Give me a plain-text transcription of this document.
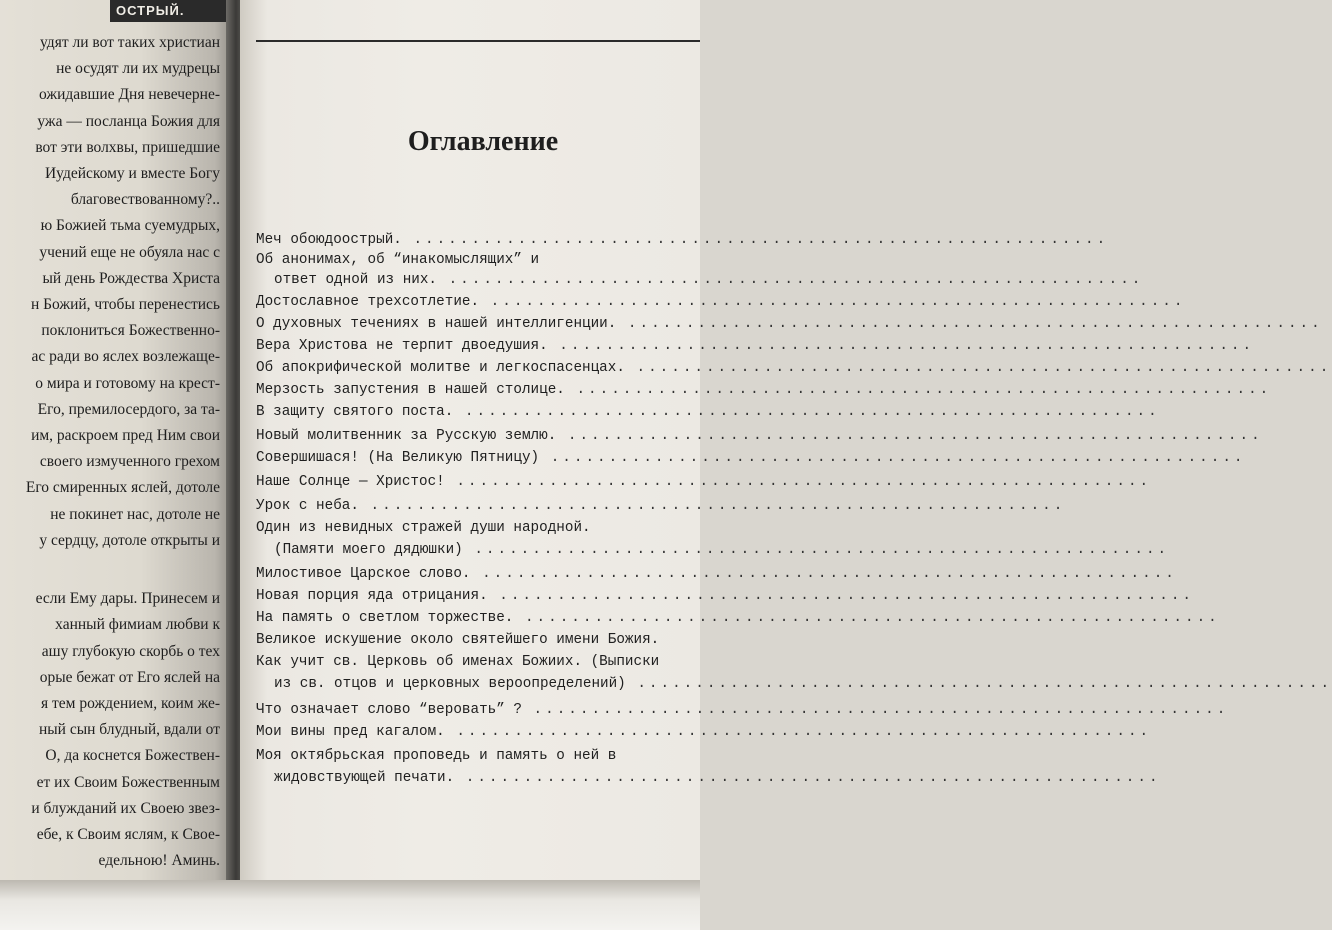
ОСТРЫЙ.
удят ли вот таких христиан
не осудят ли их мудрецы
ожидавшие Дня невечерне-
ужа — посланца Божия для
вот эти волхвы, пришедшие
Иудейскому и вместе Богу
благовествованному?..
ю Божией тьма суемудрых,
учений еще не обуяла нас с
ый день Рождества Христа
н Божий, чтобы перенестись
поклониться Божественно-
ас ради во яслех возлежаще-
о мира и готовому на крест-
Его, премилосердого, за та-
им, раскроем пред Ним свои
своего измученного грехом
Его смиренных яслей, дотоле
не покинет нас, дотоле не
у сердцу, дотоле открыты и
если Ему дары. Принесем и
ханный фимиам любви к
ашу глубокую скорбь о тех
орые бежат от Его яслей на
я тем рождением, коим же-
ный сын блудный, вдали от
О, да коснется Божествен-
ет их Своим Божественным
и блужданий их Своею звез-
ебе, к Своим яслям, к Свое-
едельною! Аминь.
Оглавление
Меч обоюдоострый. ............................................................
Об анонимах, об “инакомыслящих” и
ответ одной из них. ............................................................
Достославное трехсотлетие. ............................................................
О духовных течениях в нашей интеллигенции. ............................................................
Вера Христова не терпит двоедушия. ............................................................
Об апокрифической молитве и легкоспасенцах. ............................................................
Мерзость запустения в нашей столице. ............................................................
В защиту святого поста. ............................................................
Новый молитвенник за Русскую землю. ............................................................
Совершишася! (На Великую Пятницу) ............................................................
Наше Солнце — Христос! ............................................................
Урок с неба. ............................................................
Один из невидных стражей души народной.
(Памяти моего дядюшки) ............................................................
Милостивое Царское слово. ............................................................
Новая порция яда отрицания. ............................................................
На память о светлом торжестве. ............................................................
Великое искушение около святейшего имени Божия.
Как учит св. Церковь об именах Божиих. (Выписки
из св. отцов и церковных вероопределений) ............................................................
Что означает слово “веровать” ? ............................................................
Мои вины пред кагалом. ............................................................
Моя октябрьская проповедь и память о ней в
жидовствующей печати. ............................................................
